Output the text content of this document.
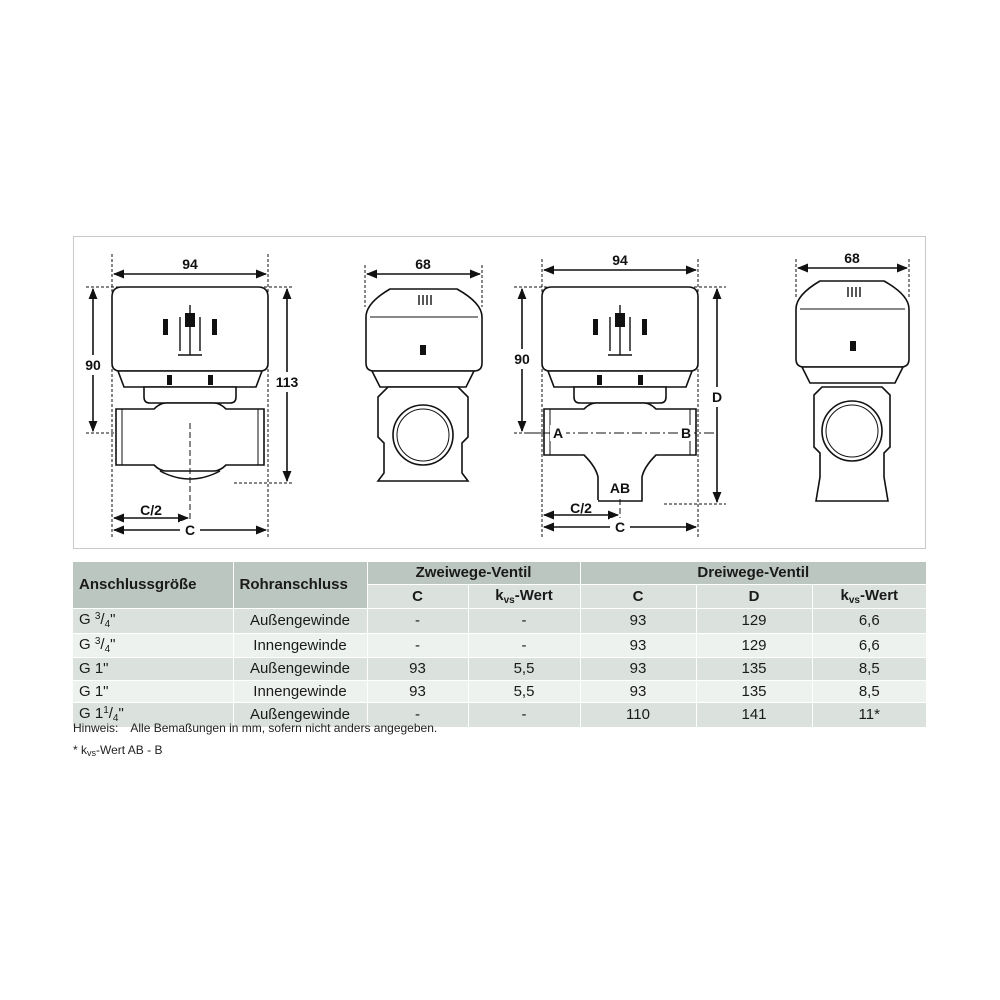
94
90
113
C/2
C
68	94
90
D
A	B
AB
C/2
C
68
Anschlussgröße	Rohranschluss	Zweiwege-Ventil		Dreiwege-Ventil		
		C	$k_{vs}$-Wert	C	D	$k_{vs}$-Wert
G $^3/_4$"	Außengewinde	-	-	93	129	6,6
G $^3/_4$"	Innengewinde	-	-	93	129	6,6
G 1"	Außengewinde	93	5,5	93	135	8,5
G 1"	Innengewinde	93	5,5	93	135	8,5
G $1^1/_4$"	Außengewinde	-	-	110	141	11*
Hinweis: Alle Bemaßungen in mm, sofern nicht anders angegeben.
* $k_{vs}$-Wert AB - B
